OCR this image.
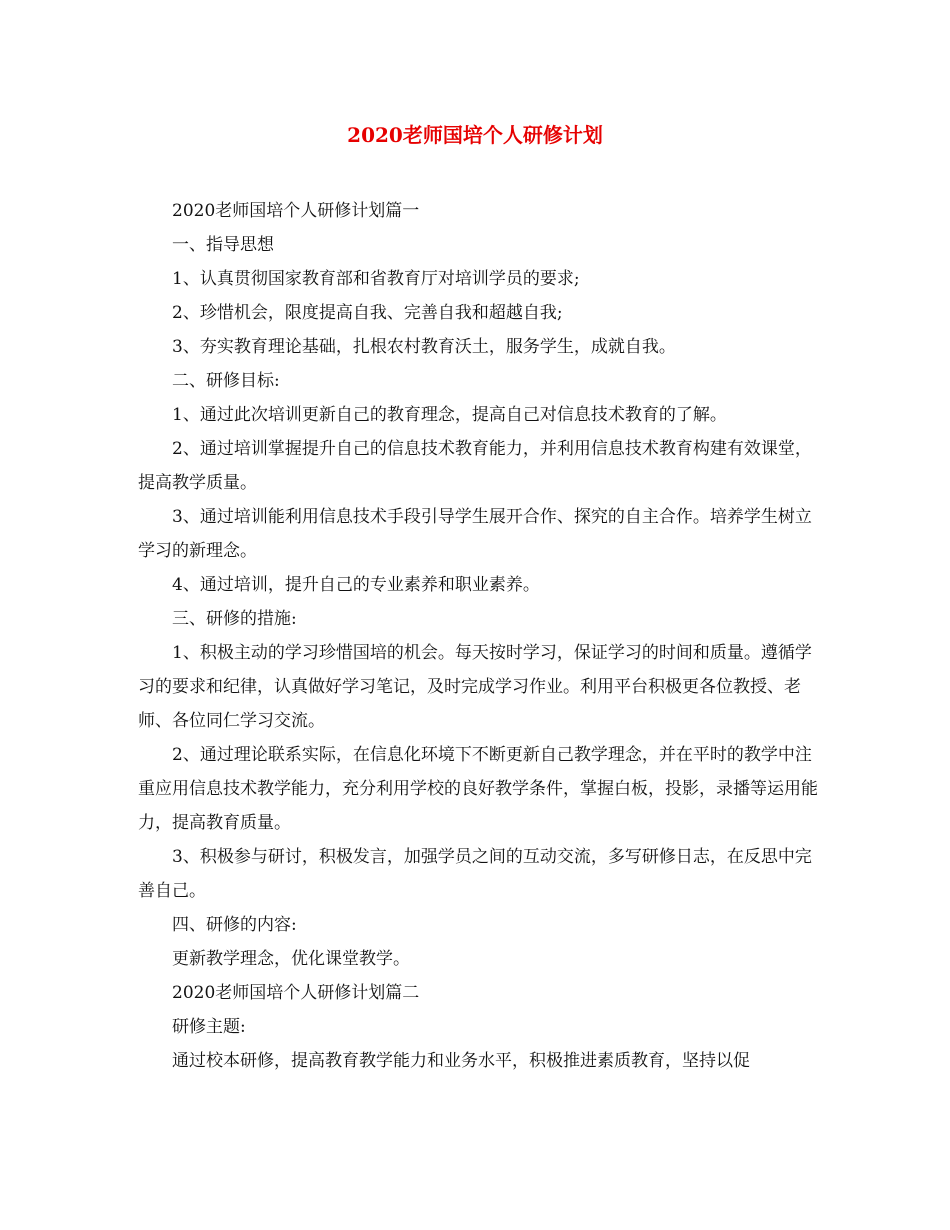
2020老师国培个人研修计划

2020老师国培个人研修计划篇一

一、指导思想

1、认真贯彻国家教育部和省教育厅对培训学员的要求;

2、珍惜机会，限度提高自我、完善自我和超越自我;

3、夯实教育理论基础，扎根农村教育沃土，服务学生，成就自我。

二、研修目标:

1、通过此次培训更新自己的教育理念，提高自己对信息技术教育的了解。

2、通过培训掌握提升自己的信息技术教育能力，并利用信息技术教育构建有效课堂，提高教学质量。

3、通过培训能利用信息技术手段引导学生展开合作、探究的自主合作。培养学生树立学习的新理念。

4、通过培训，提升自己的专业素养和职业素养。

三、研修的措施:

1、积极主动的学习珍惜国培的机会。每天按时学习，保证学习的时间和质量。遵循学习的要求和纪律，认真做好学习笔记，及时完成学习作业。利用平台积极更各位教授、老师、各位同仁学习交流。

2、通过理论联系实际，在信息化环境下不断更新自己教学理念，并在平时的教学中注重应用信息技术教学能力，充分利用学校的良好教学条件，掌握白板，投影，录播等运用能力，提高教育质量。

3、积极参与研讨，积极发言，加强学员之间的互动交流，多写研修日志，在反思中完善自己。

四、研修的内容:

更新教学理念，优化课堂教学。

2020老师国培个人研修计划篇二

研修主题:

通过校本研修，提高教育教学能力和业务水平，积极推进素质教育，坚持以促
